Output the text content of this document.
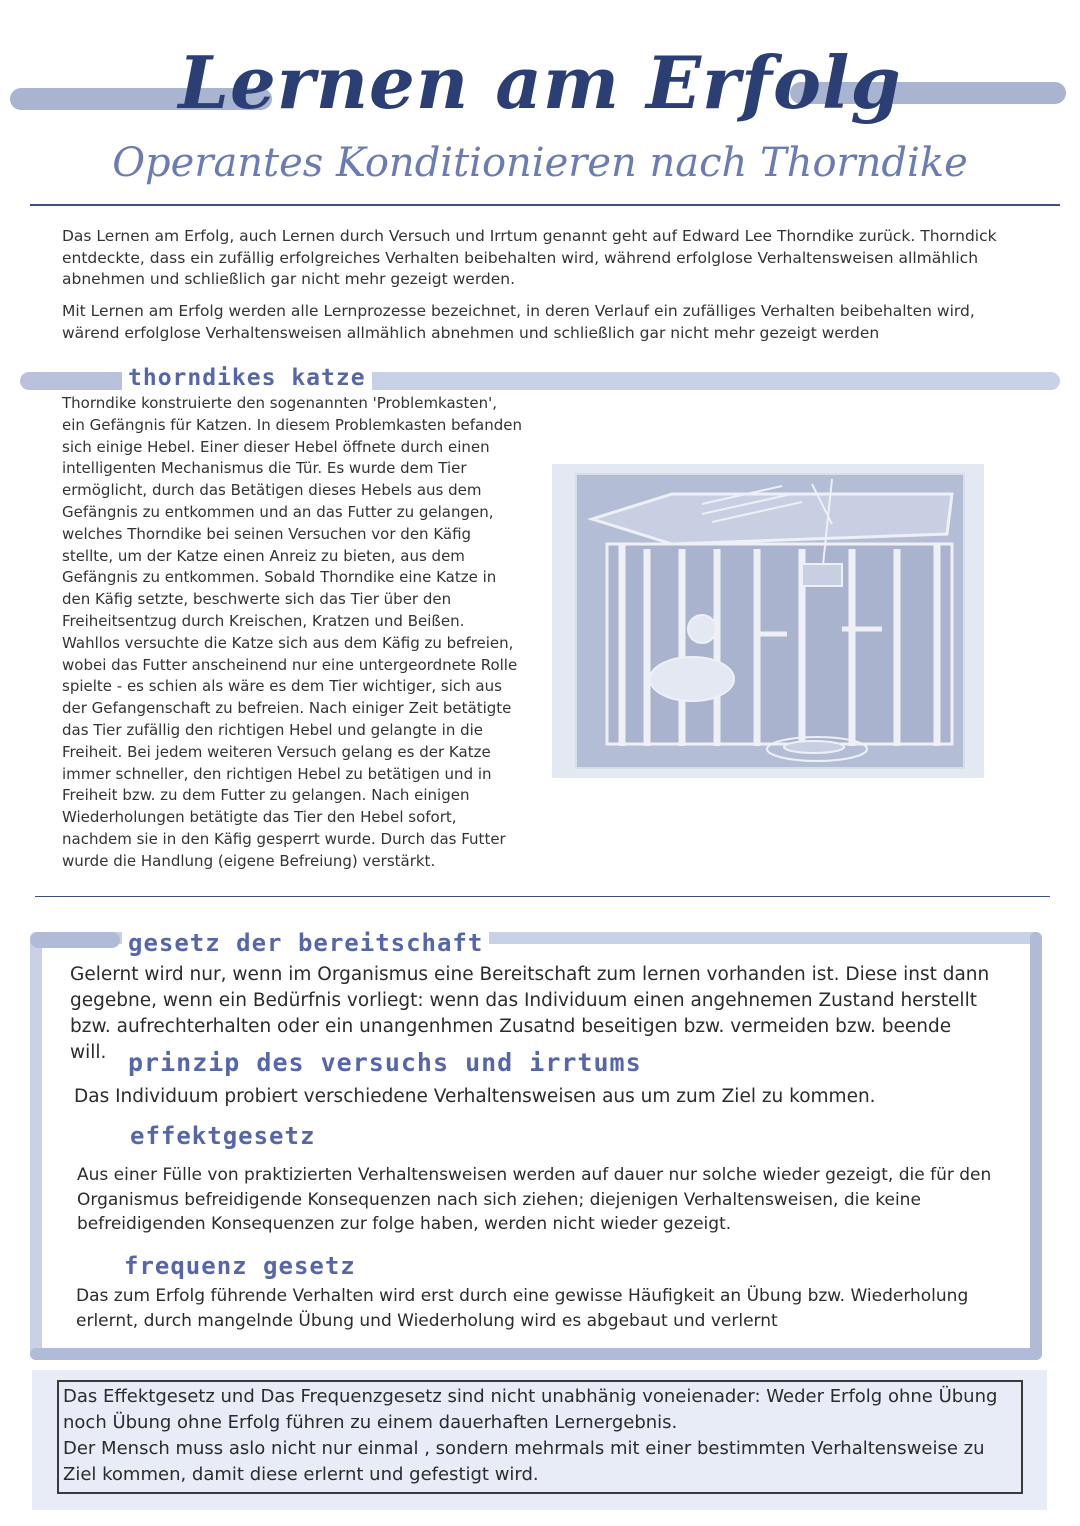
Lernen am Erfolg
Operantes Konditionieren nach Thorndike
Das Lernen am Erfolg, auch Lernen durch Versuch und Irrtum genannt geht auf Edward Lee Thorndike zurück. Thorndick entdeckte, dass ein zufällig erfolgreiches Verhalten beibehalten wird, während erfolglose Verhaltensweisen allmählich abnehmen und schließlich gar nicht mehr gezeigt werden.
Mit Lernen am Erfolg werden alle Lernprozesse bezeichnet, in deren Verlauf ein zufälliges Verhalten beibehalten wird, wärend erfolglose Verhaltensweisen allmählich abnehmen und schließlich gar nicht mehr gezeigt werden
thorndikes katze
Thorndike konstruierte den sogenannten 'Problemkasten', ein Gefängnis für Katzen. In diesem Problemkasten befanden sich einige Hebel. Einer dieser Hebel öffnete durch einen intelligenten Mechanismus die Tür. Es wurde dem Tier ermöglicht, durch das Betätigen dieses Hebels aus dem Gefängnis zu entkommen und an das Futter zu gelangen, welches Thorndike bei seinen Versuchen vor den Käfig stellte, um der Katze einen Anreiz zu bieten, aus dem Gefängnis zu entkommen. Sobald Thorndike eine Katze in den Käfig setzte, beschwerte sich das Tier über den Freiheitsentzug durch Kreischen, Kratzen und Beißen. Wahllos versuchte die Katze sich aus dem Käfig zu befreien, wobei das Futter anscheinend nur eine untergeordnete Rolle spielte - es schien als wäre es dem Tier wichtiger, sich aus der Gefangenschaft zu befreien. Nach einiger Zeit betätigte das Tier zufällig den richtigen Hebel und gelangte in die Freiheit. Bei jedem weiteren Versuch gelang es der Katze immer schneller, den richtigen Hebel zu betätigen und in Freiheit bzw. zu dem Futter zu gelangen. Nach einigen Wiederholungen betätigte das Tier den Hebel sofort, nachdem sie in den Käfig gesperrt wurde. Durch das Futter wurde die Handlung (eigene Befreiung) verstärkt.
gesetz der bereitschaft
Gelernt wird nur, wenn im Organismus eine Bereitschaft zum lernen vorhanden ist. Diese inst dann gegebne, wenn ein Bedürfnis vorliegt: wenn das Individuum einen angehnemen Zustand herstellt bzw. aufrechterhalten oder ein unangenhmen Zusatnd beseitigen bzw. vermeiden bzw. beende will. prinzip des versuchs und irrtums
Das Individuum probiert verschiedene Verhaltensweisen aus um zum Ziel zu kommen.
effektgesetz
Aus einer Fülle von praktizierten Verhaltensweisen werden auf dauer nur solche wieder gezeigt, die für den Organismus befreidigende Konsequenzen nach sich ziehen; diejenigen Verhaltensweisen, die keine befreidigenden Konsequenzen zur folge haben, werden nicht wieder gezeigt.
frequenz gesetz
Das zum Erfolg führende Verhalten wird erst durch eine gewisse Häufigkeit an Übung bzw. Wiederholung erlernt, durch mangelnde Übung und Wiederholung wird es abgebaut und verlernt
Das Effektgesetz und Das Frequenzgesetz sind nicht unabhänig voneienader: Weder Erfolg ohne Übung noch Übung ohne Erfolg führen zu einem dauerhaften Lernergebnis.
Der Mensch muss aslo nicht nur einmal , sondern mehrmals mit einer bestimmten Verhaltensweise zu Ziel kommen, damit diese erlernt und gefestigt wird.
